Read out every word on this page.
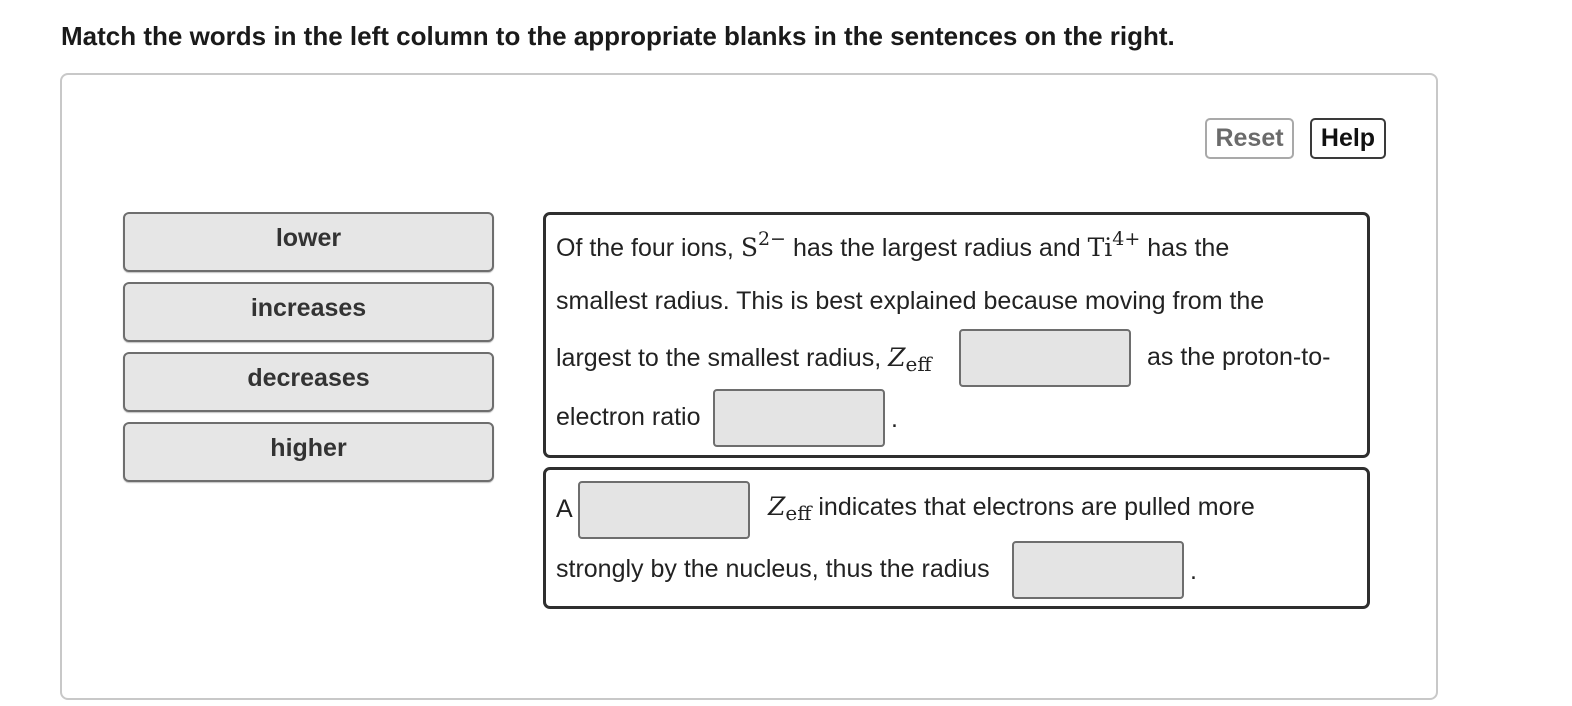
Match the words in the left column to the appropriate blanks in the sentences on the right.
Reset	Help
lower
increases
decreases
higher
Of the four ions, $S^{2-}$ has the largest radius and $Ti^{4+}$ has the
smallest radius. This is best explained because moving from the
largest to the smallest radius, $Z_{eff}$	as the proton-to-
electron ratio	.
A	$Z_{eff}$ indicates that electrons are pulled more
strongly by the nucleus, thus the radius	.
